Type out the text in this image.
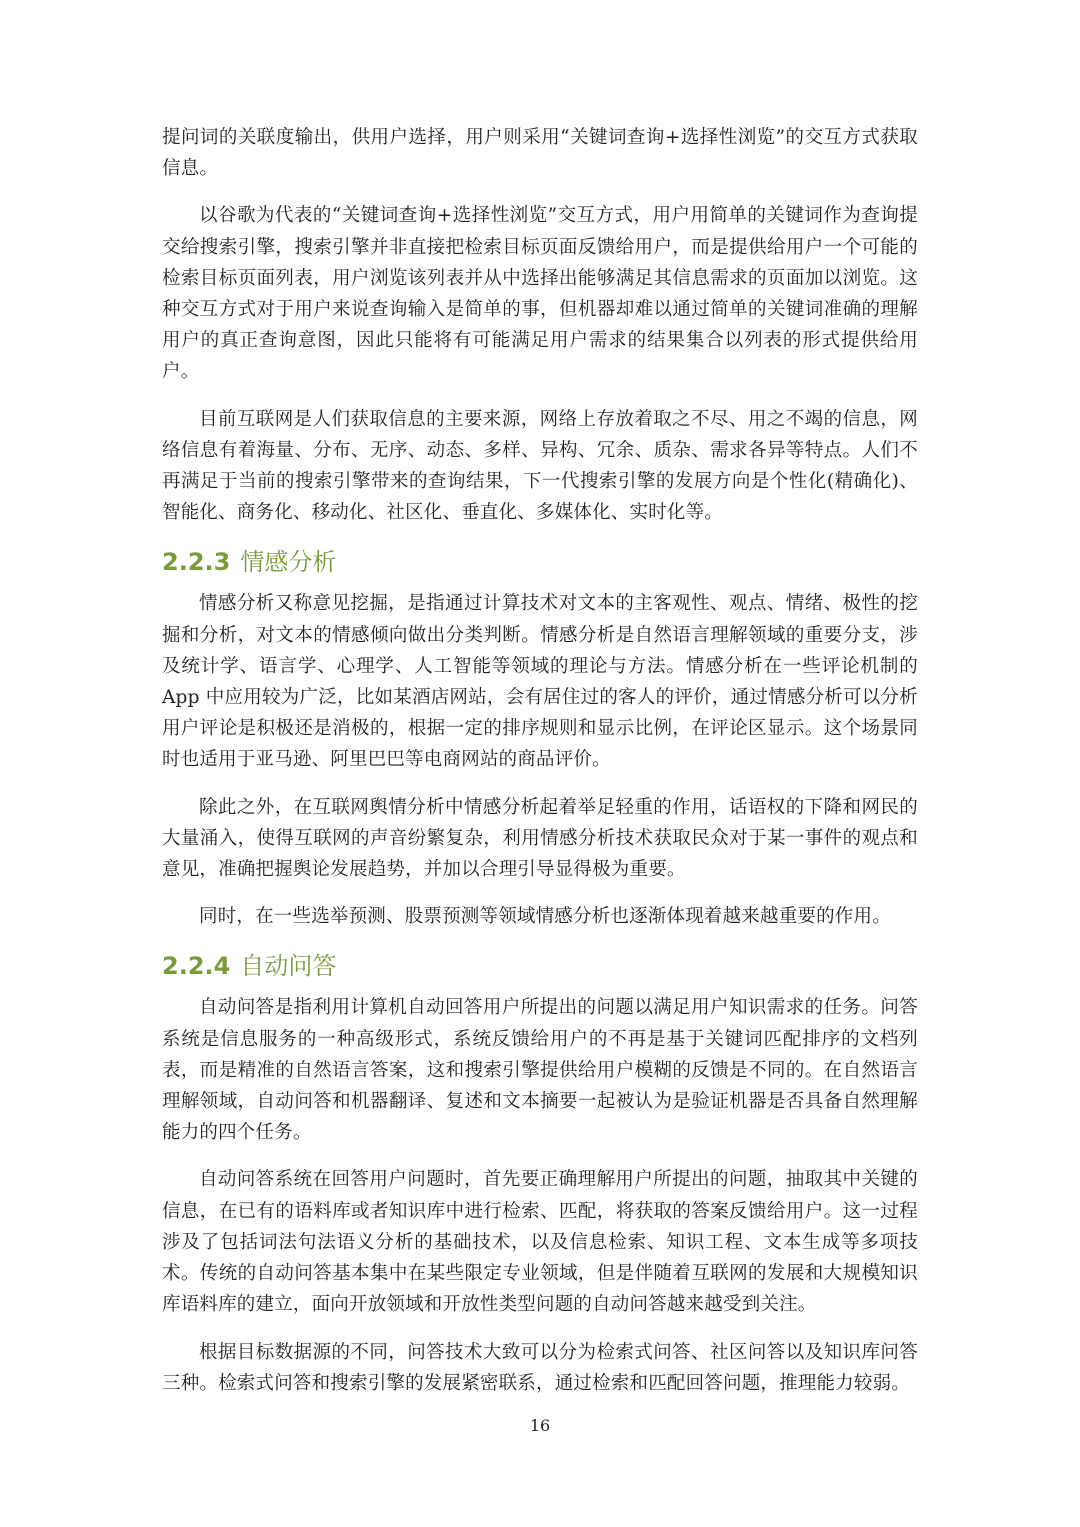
提问词的关联度输出，供用户选择，用户则采用“关键词查询+选择性浏览”的交互方式获取信息。

以谷歌为代表的“关键词查询+选择性浏览”交互方式，用户用简单的关键词作为查询提交给搜索引擎，搜索引擎并非直接把检索目标页面反馈给用户，而是提供给用户一个可能的检索目标页面列表，用户浏览该列表并从中选择出能够满足其信息需求的页面加以浏览。这种交互方式对于用户来说查询输入是简单的事，但机器却难以通过简单的关键词准确的理解用户的真正查询意图，因此只能将有可能满足用户需求的结果集合以列表的形式提供给用户。

目前互联网是人们获取信息的主要来源，网络上存放着取之不尽、用之不竭的信息，网络信息有着海量、分布、无序、动态、多样、异构、冗余、质杂、需求各异等特点。人们不再满足于当前的搜索引擎带来的查询结果，下一代搜索引擎的发展方向是个性化(精确化)、智能化、商务化、移动化、社区化、垂直化、多媒体化、实时化等。

2.2.3 情感分析

情感分析又称意见挖掘，是指通过计算技术对文本的主客观性、观点、情绪、极性的挖掘和分析，对文本的情感倾向做出分类判断。情感分析是自然语言理解领域的重要分支，涉及统计学、语言学、心理学、人工智能等领域的理论与方法。情感分析在一些评论机制的 App 中应用较为广泛，比如某酒店网站，会有居住过的客人的评价，通过情感分析可以分析用户评论是积极还是消极的，根据一定的排序规则和显示比例，在评论区显示。这个场景同时也适用于亚马逊、阿里巴巴等电商网站的商品评价。

除此之外，在互联网舆情分析中情感分析起着举足轻重的作用，话语权的下降和网民的大量涌入，使得互联网的声音纷繁复杂，利用情感分析技术获取民众对于某一事件的观点和意见，准确把握舆论发展趋势，并加以合理引导显得极为重要。

同时，在一些选举预测、股票预测等领域情感分析也逐渐体现着越来越重要的作用。

2.2.4 自动问答

自动问答是指利用计算机自动回答用户所提出的问题以满足用户知识需求的任务。问答系统是信息服务的一种高级形式，系统反馈给用户的不再是基于关键词匹配排序的文档列表，而是精准的自然语言答案，这和搜索引擎提供给用户模糊的反馈是不同的。在自然语言理解领域，自动问答和机器翻译、复述和文本摘要一起被认为是验证机器是否具备自然理解能力的四个任务。

自动问答系统在回答用户问题时，首先要正确理解用户所提出的问题，抽取其中关键的信息，在已有的语料库或者知识库中进行检索、匹配，将获取的答案反馈给用户。这一过程涉及了包括词法句法语义分析的基础技术，以及信息检索、知识工程、文本生成等多项技术。传统的自动问答基本集中在某些限定专业领域，但是伴随着互联网的发展和大规模知识库语料库的建立，面向开放领域和开放性类型问题的自动问答越来越受到关注。

根据目标数据源的不同，问答技术大致可以分为检索式问答、社区问答以及知识库问答三种。检索式问答和搜索引擎的发展紧密联系，通过检索和匹配回答问题，推理能力较弱。

16
